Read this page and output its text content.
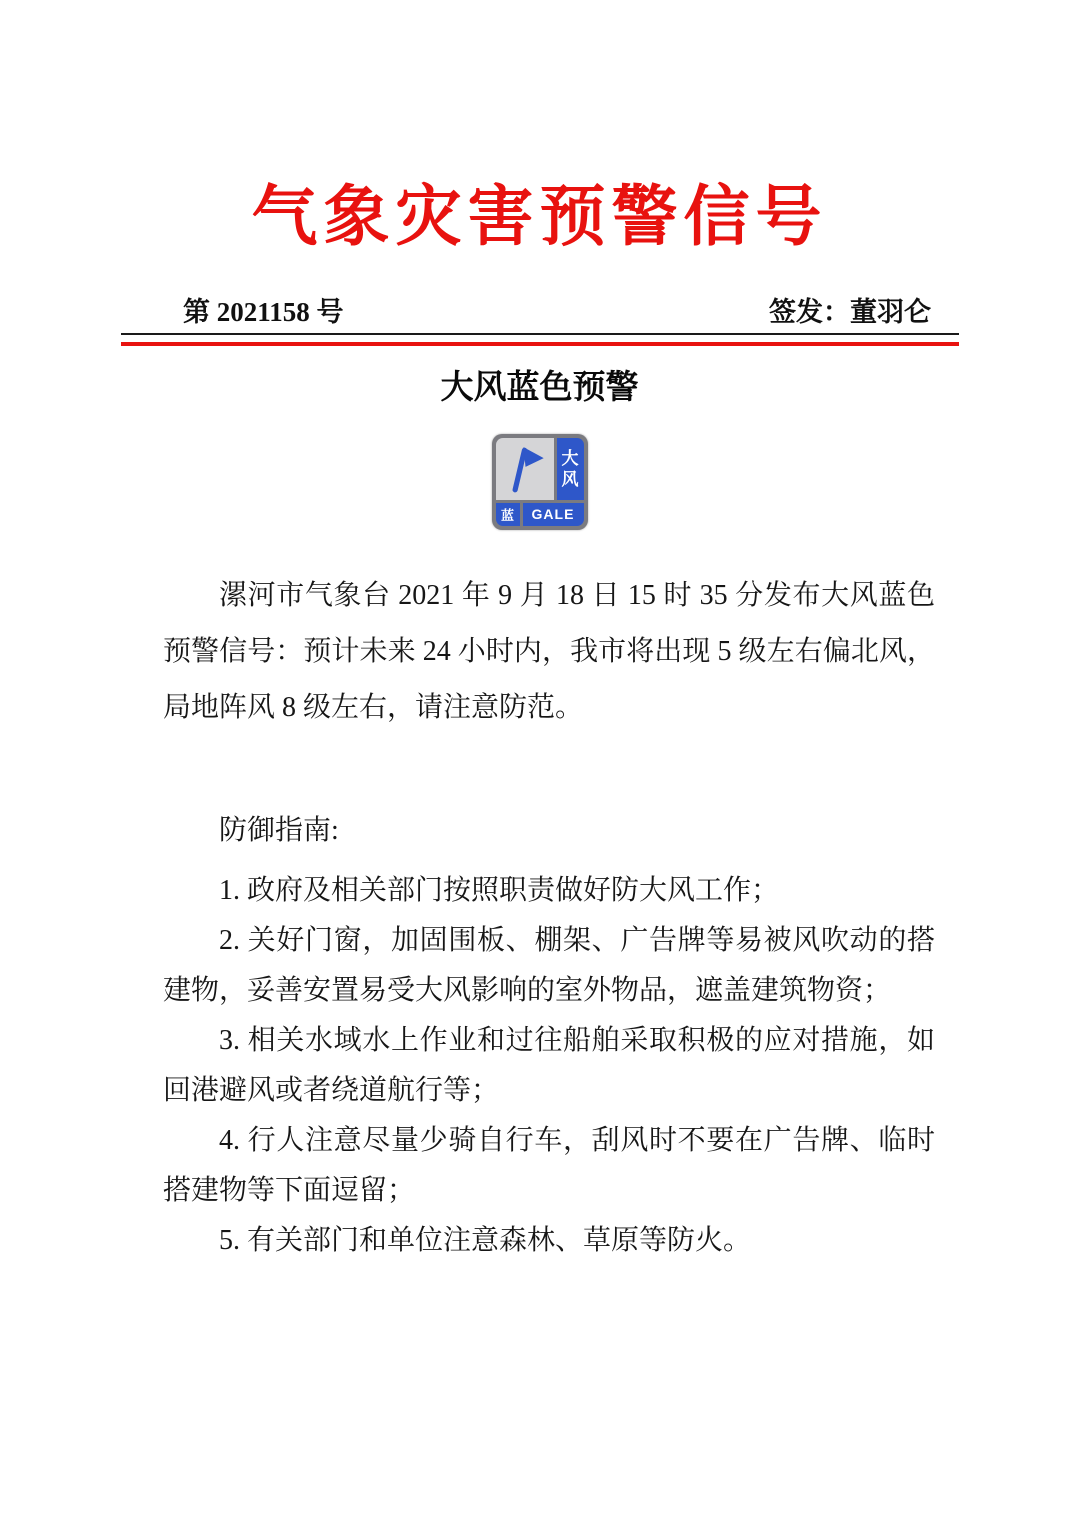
气象灾害预警信号
第 2021158 号	签发：董羽仑
大风蓝色预警
大
风
蓝	GALE

漯河市气象台 2021 年 9 月 18 日 15 时 35 分发布大风蓝色预警信号：预计未来 24 小时内，我市将出现 5 级左右偏北风，局地阵风 8 级左右，请注意防范。

防御指南:

1. 政府及相关部门按照职责做好防大风工作；

2. 关好门窗，加固围板、棚架、广告牌等易被风吹动的搭建物，妥善安置易受大风影响的室外物品，遮盖建筑物资；

3. 相关水域水上作业和过往船舶采取积极的应对措施，如回港避风或者绕道航行等；

4. 行人注意尽量少骑自行车，刮风时不要在广告牌、临时搭建物等下面逗留；

5. 有关部门和单位注意森林、草原等防火。
